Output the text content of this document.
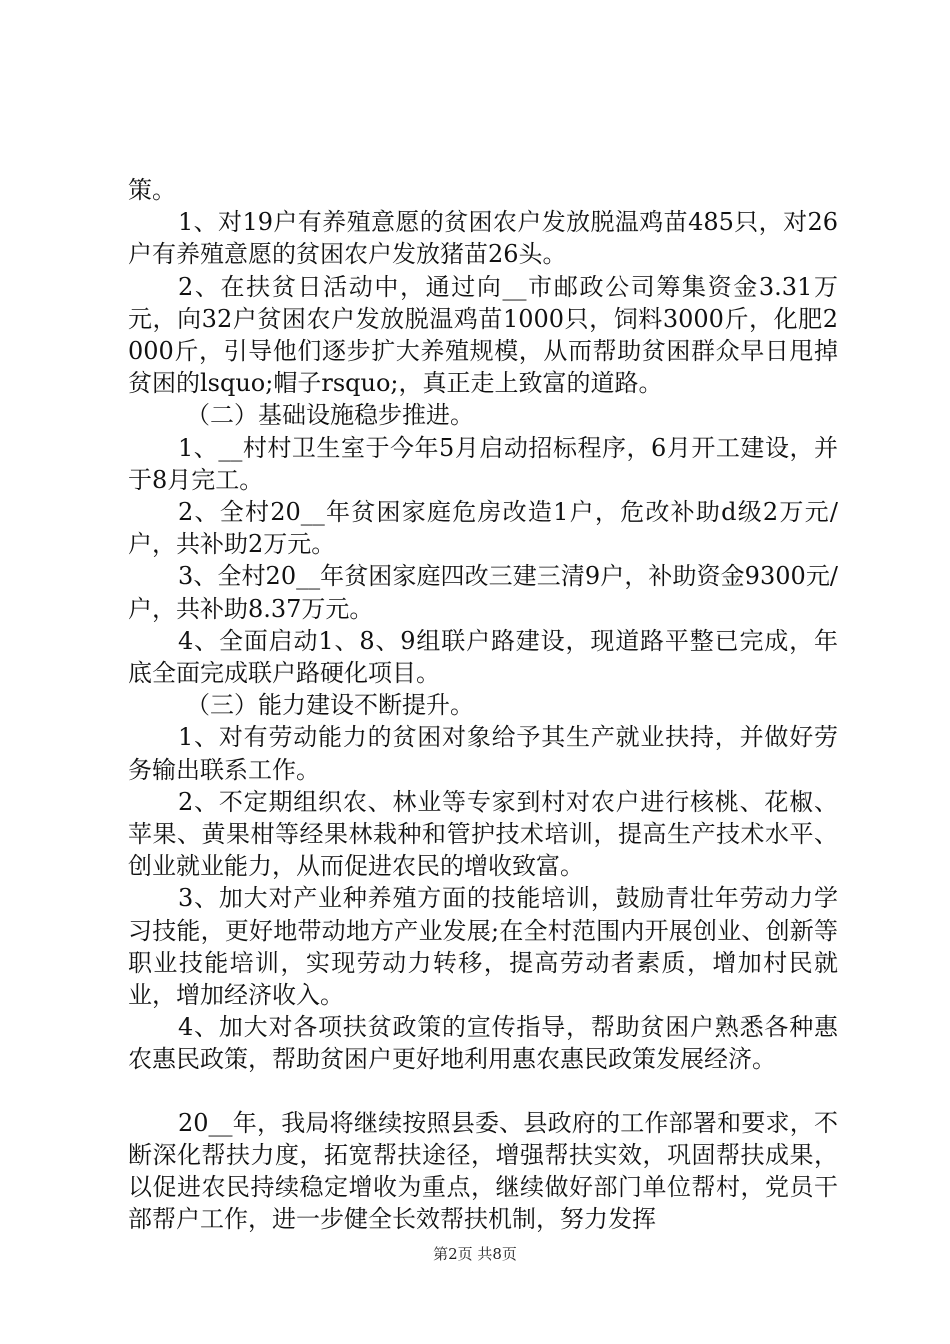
策。

1、对19户有养殖意愿的贫困农户发放脱温鸡苗485只，对26户有养殖意愿的贫困农户发放猪苗26头。

2、在扶贫日活动中，通过向__市邮政公司筹集资金3.31万元，向32户贫困农户发放脱温鸡苗1000只，饲料3000斤，化肥2000斤，引导他们逐步扩大养殖规模，从而帮助贫困群众早日甩掉贫困的lsquo;帽子rsquo;，真正走上致富的道路。

（二）基础设施稳步推进。

1、__村村卫生室于今年5月启动招标程序，6月开工建设，并于8月完工。

2、全村20__年贫困家庭危房改造1户，危改补助d级2万元/户，共补助2万元。

3、全村20__年贫困家庭四改三建三清9户，补助资金9300元/户，共补助8.37万元。

4、全面启动1、8、9组联户路建设，现道路平整已完成，年底全面完成联户路硬化项目。

（三）能力建设不断提升。

1、对有劳动能力的贫困对象给予其生产就业扶持，并做好劳务输出联系工作。

2、不定期组织农、林业等专家到村对农户进行核桃、花椒、苹果、黄果柑等经果林栽种和管护技术培训，提高生产技术水平、创业就业能力，从而促进农民的增收致富。

3、加大对产业种养殖方面的技能培训，鼓励青壮年劳动力学习技能，更好地带动地方产业发展;在全村范围内开展创业、创新等职业技能培训，实现劳动力转移，提高劳动者素质，增加村民就业，增加经济收入。

4、加大对各项扶贫政策的宣传指导，帮助贫困户熟悉各种惠农惠民政策，帮助贫困户更好地利用惠农惠民政策发展经济。

20__年，我局将继续按照县委、县政府的工作部署和要求，不断深化帮扶力度，拓宽帮扶途径，增强帮扶实效，巩固帮扶成果，以促进农民持续稳定增收为重点，继续做好部门单位帮村，党员干部帮户工作，进一步健全长效帮扶机制，努力发挥

第2页 共8页
